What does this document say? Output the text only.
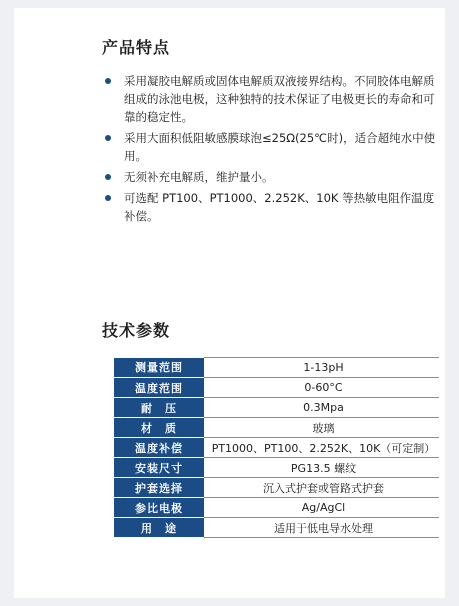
产品特点
采用凝胶电解质或固体电解质双液接界结构。不同胶体电解质组成的泳池电极，这种独特的技术保证了电极更长的寿命和可靠的稳定性。
采用大面积低阻敏感膜球泡≤25Ω(25℃时)，适合超纯水中使用。
无须补充电解质，维护量小。
可选配 PT100、PT1000、2.252K、10K 等热敏电阻作温度补偿。
技术参数
测量范围	1-13pH
温度范围	0-60°C
耐　压	0.3Mpa
材　质	玻璃
温度补偿	PT1000、PT100、2.252K、10K（可定制）
安装尺寸	PG13.5 螺纹
护套选择	沉入式护套或管路式护套
参比电极	Ag/AgCl
用　途	适用于低电导水处理
